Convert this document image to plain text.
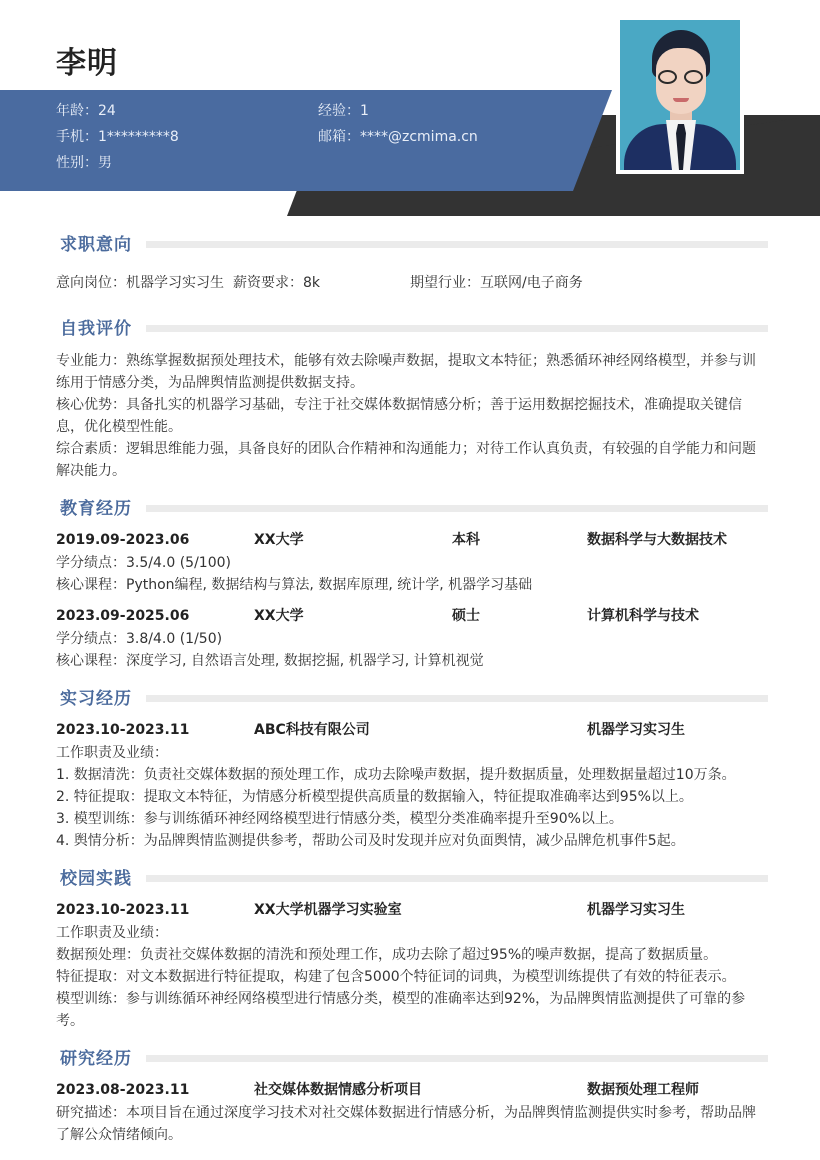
李明
年龄：24	经验：1
手机：1*********8	邮箱：****@zcmima.cn
性别：男
求职意向
意向岗位：机器学习实习生 薪资要求：8k	期望行业：互联网/电子商务
自我评价
专业能力：熟练掌握数据预处理技术，能够有效去除噪声数据，提取文本特征；熟悉循环神经网络模型，并参与训练用于情感分类，为品牌舆情监测提供数据支持。
核心优势：具备扎实的机器学习基础，专注于社交媒体数据情感分析；善于运用数据挖掘技术，准确提取关键信息，优化模型性能。
综合素质：逻辑思维能力强，具备良好的团队合作精神和沟通能力；对待工作认真负责，有较强的自学能力和问题解决能力。
教育经历
2019.09-2023.06	XX大学	本科	数据科学与大数据技术
学分绩点：3.5/4.0 (5/100)
核心课程：Python编程, 数据结构与算法, 数据库原理, 统计学, 机器学习基础
2023.09-2025.06	XX大学	硕士	计算机科学与技术
学分绩点：3.8/4.0 (1/50)
核心课程：深度学习, 自然语言处理, 数据挖掘, 机器学习, 计算机视觉
实习经历
2023.10-2023.11	ABC科技有限公司	机器学习实习生
工作职责及业绩：
1. 数据清洗：负责社交媒体数据的预处理工作，成功去除噪声数据，提升数据质量，处理数据量超过10万条。
2. 特征提取：提取文本特征，为情感分析模型提供高质量的数据输入，特征提取准确率达到95%以上。
3. 模型训练：参与训练循环神经网络模型进行情感分类，模型分类准确率提升至90%以上。
4. 舆情分析：为品牌舆情监测提供参考，帮助公司及时发现并应对负面舆情，减少品牌危机事件5起。
校园实践
2023.10-2023.11	XX大学机器学习实验室	机器学习实习生
工作职责及业绩：
数据预处理：负责社交媒体数据的清洗和预处理工作，成功去除了超过95%的噪声数据，提高了数据质量。
特征提取：对文本数据进行特征提取，构建了包含5000个特征词的词典，为模型训练提供了有效的特征表示。
模型训练：参与训练循环神经网络模型进行情感分类，模型的准确率达到92%，为品牌舆情监测提供了可靠的参考。
研究经历
2023.08-2023.11	社交媒体数据情感分析项目	数据预处理工程师
研究描述：本项目旨在通过深度学习技术对社交媒体数据进行情感分析，为品牌舆情监测提供实时参考，帮助品牌了解公众情绪倾向。
